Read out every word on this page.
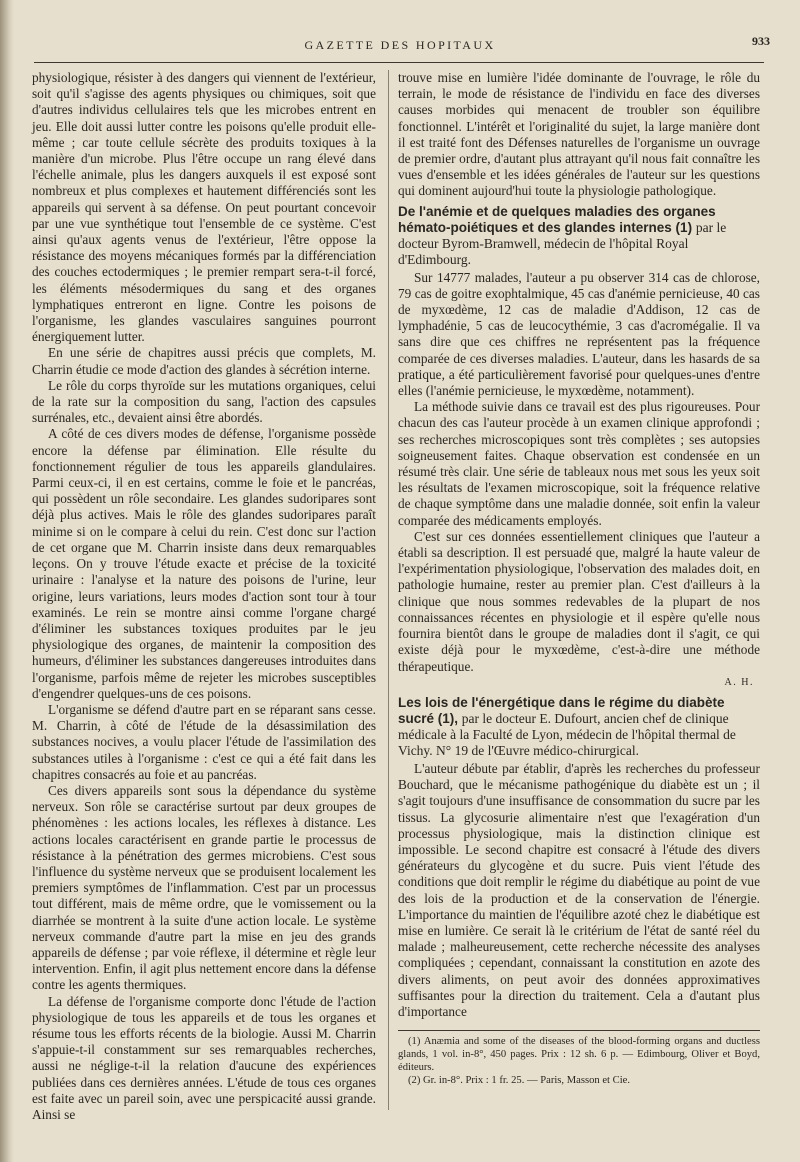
GAZETTE DES HOPITAUX	933

physiologique, résister à des dangers qui viennent de l'extérieur, soit qu'il s'agisse des agents physiques ou chimiques, soit que d'autres individus cellulaires tels que les microbes entrent en jeu. Elle doit aussi lutter contre les poisons qu'elle produit elle-même ; car toute cellule sécrète des produits toxiques à la manière d'un microbe. Plus l'être occupe un rang élevé dans l'échelle animale, plus les dangers auxquels il est exposé sont nombreux et plus complexes et hautement différenciés sont les appareils qui servent à sa défense. On peut pourtant concevoir par une vue synthétique tout l'ensemble de ce système. C'est ainsi qu'aux agents venus de l'extérieur, l'être oppose la résistance des moyens mécaniques formés par la différenciation des couches ectodermiques ; le premier rempart sera-t-il forcé, les éléments mésodermiques du sang et des organes lymphatiques entreront en ligne. Contre les poisons de l'organisme, les glandes vasculaires sanguines pourront énergiquement lutter.

En une série de chapitres aussi précis que complets, M. Charrin étudie ce mode d'action des glandes à sécrétion interne.

Le rôle du corps thyroïde sur les mutations organiques, celui de la rate sur la composition du sang, l'action des capsules surrénales, etc., devaient ainsi être abordés.

A côté de ces divers modes de défense, l'organisme possède encore la défense par élimination. Elle résulte du fonctionnement régulier de tous les appareils glandulaires. Parmi ceux-ci, il en est certains, comme le foie et le pancréas, qui possèdent un rôle secondaire. Les glandes sudoripares sont déjà plus actives. Mais le rôle des glandes sudoripares paraît minime si on le compare à celui du rein. C'est donc sur l'action de cet organe que M. Charrin insiste dans deux remarquables leçons. On y trouve l'étude exacte et précise de la toxicité urinaire : l'analyse et la nature des poisons de l'urine, leur origine, leurs variations, leurs modes d'action sont tour à tour examinés. Le rein se montre ainsi comme l'organe chargé d'éliminer les substances toxiques produites par le jeu physiologique des organes, de maintenir la composition des humeurs, d'éliminer les substances dangereuses introduites dans l'organisme, parfois même de rejeter les microbes susceptibles d'engendrer quelques-uns de ces poisons.

L'organisme se défend d'autre part en se réparant sans cesse. M. Charrin, à côté de l'étude de la désassimilation des substances nocives, a voulu placer l'étude de l'assimilation des substances utiles à l'organisme : c'est ce qui a été fait dans les chapitres consacrés au foie et au pancréas.

Ces divers appareils sont sous la dépendance du système nerveux. Son rôle se caractérise surtout par deux groupes de phénomènes : les actions locales, les réflexes à distance. Les actions locales caractérisent en grande partie le processus de résistance à la pénétration des germes microbiens. C'est sous l'influence du système nerveux que se produisent localement les premiers symptômes de l'inflammation. C'est par un processus tout différent, mais de même ordre, que le vomissement ou la diarrhée se montrent à la suite d'une action locale. Le système nerveux commande d'autre part la mise en jeu des grands appareils de défense ; par voie réflexe, il détermine et règle leur intervention. Enfin, il agit plus nettement encore dans la défense contre les agents thermiques.

La défense de l'organisme comporte donc l'étude de l'action physiologique de tous les appareils et de tous les organes et résume tous les efforts récents de la biologie. Aussi M. Charrin s'appuie-t-il constamment sur ses remarquables recherches, aussi ne néglige-t-il la relation d'aucune des expériences publiées dans ces dernières années. L'étude de tous ces organes est faite avec un pareil soin, avec une perspicacité aussi grande. Ainsi se

trouve mise en lumière l'idée dominante de l'ouvrage, le rôle du terrain, le mode de résistance de l'individu en face des diverses causes morbides qui menacent de troubler son équilibre fonctionnel. L'intérêt et l'originalité du sujet, la large manière dont il est traité font des Défenses naturelles de l'organisme un ouvrage de premier ordre, d'autant plus attrayant qu'il nous fait connaître les vues d'ensemble et les idées générales de l'auteur sur les questions qui dominent aujourd'hui toute la physiologie pathologique.

De l'anémie et de quelques maladies des organes hémato-poiétiques et des glandes internes (1) par le docteur Byrom-Bramwell, médecin de l'hôpital Royal d'Edimbourg.

Sur 14777 malades, l'auteur a pu observer 314 cas de chlorose, 79 cas de goitre exophtalmique, 45 cas d'anémie pernicieuse, 40 cas de myxœdème, 12 cas de maladie d'Addison, 12 cas de lymphadénie, 5 cas de leucocythémie, 3 cas d'acromégalie. Il va sans dire que ces chiffres ne représentent pas la fréquence comparée de ces diverses maladies. L'auteur, dans les hasards de sa pratique, a été particulièrement favorisé pour quelques-unes d'entre elles (l'anémie pernicieuse, le myxœdème, notamment).

La méthode suivie dans ce travail est des plus rigoureuses. Pour chacun des cas l'auteur procède à un examen clinique approfondi ; ses recherches microscopiques sont très complètes ; ses autopsies soigneusement faites. Chaque observation est condensée en un résumé très clair. Une série de tableaux nous met sous les yeux soit les résultats de l'examen microscopique, soit la fréquence relative de chaque symptôme dans une maladie donnée, soit enfin la valeur comparée des médicaments employés.

C'est sur ces données essentiellement cliniques que l'auteur a établi sa description. Il est persuadé que, malgré la haute valeur de l'expérimentation physiologique, l'observation des malades doit, en pathologie humaine, rester au premier plan. C'est d'ailleurs à la clinique que nous sommes redevables de la plupart de nos connaissances récentes en physiologie et il espère qu'elle nous fournira bientôt dans le groupe de maladies dont il s'agit, ce qui existe déjà pour le myxœdème, c'est-à-dire une méthode thérapeutique.

A. H.
Les lois de l'énergétique dans le régime du diabète sucré (1), par le docteur E. Dufourt, ancien chef de clinique médicale à la Faculté de Lyon, médecin de l'hôpital thermal de Vichy. N° 19 de l'Œuvre médico-chirurgical.

L'auteur débute par établir, d'après les recherches du professeur Bouchard, que le mécanisme pathogénique du diabète est un ; il s'agit toujours d'une insuffisance de consommation du sucre par les tissus. La glycosurie alimentaire n'est que l'exagération d'un processus physiologique, mais la distinction clinique est impossible. Le second chapitre est consacré à l'étude des divers générateurs du glycogène et du sucre. Puis vient l'étude des conditions que doit remplir le régime du diabétique au point de vue des lois de la production et de la conservation de l'énergie. L'importance du maintien de l'équilibre azoté chez le diabétique est mise en lumière. Ce serait là le critérium de l'état de santé réel du malade ; malheureusement, cette recherche nécessite des analyses compliquées ; cependant, connaissant la constitution en azote des divers aliments, on peut avoir des données approximatives suffisantes pour la direction du traitement. Cela a d'autant plus d'importance

(1) Anæmia and some of the diseases of the blood-forming organs and ductless glands, 1 vol. in-8°, 450 pages. Prix : 12 sh. 6 p. — Edimbourg, Oliver et Boyd, éditeurs.

(2) Gr. in-8°. Prix : 1 fr. 25. — Paris, Masson et Cie.
